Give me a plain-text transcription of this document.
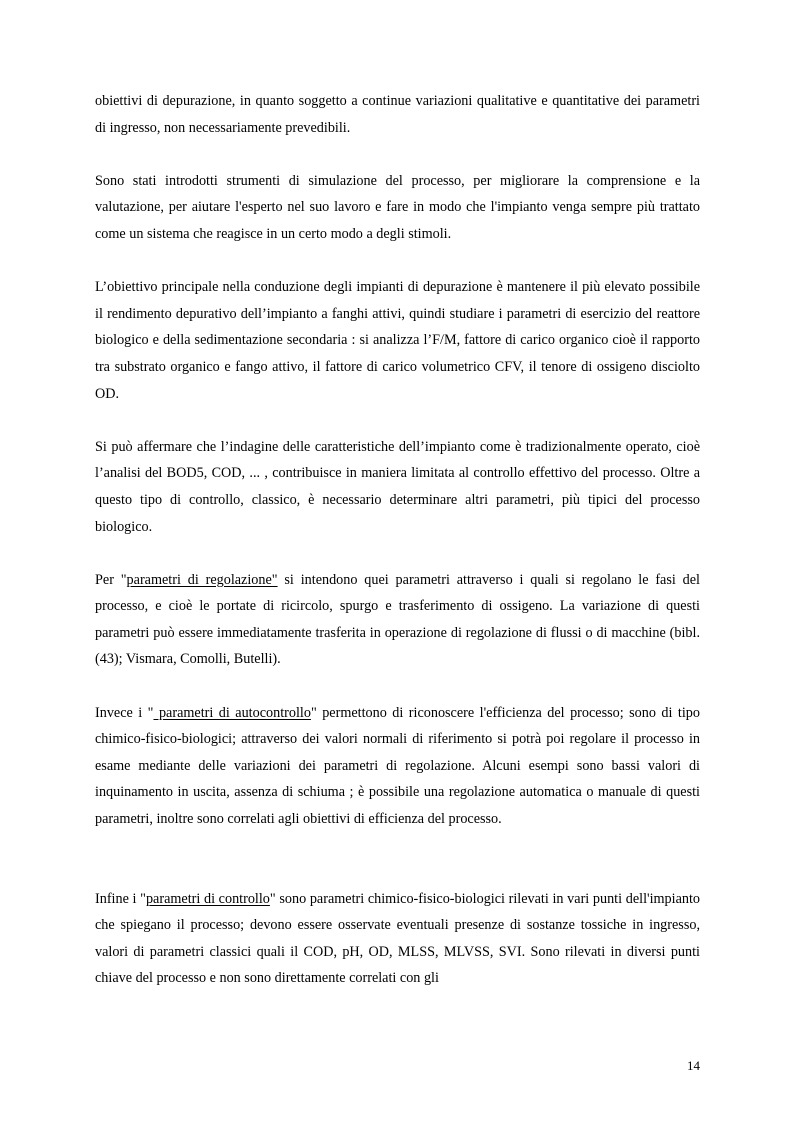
obiettivi di depurazione, in quanto soggetto a continue variazioni qualitative e quantitative dei parametri di ingresso, non necessariamente prevedibili.

Sono stati introdotti strumenti di simulazione del processo, per migliorare la comprensione e la valutazione, per aiutare l'esperto nel suo lavoro e fare in modo che l'impianto venga sempre più trattato come un sistema che reagisce in un certo modo a degli stimoli.

L’obiettivo principale nella conduzione degli impianti di depurazione è mantenere il più elevato possibile il rendimento depurativo dell’impianto a fanghi attivi, quindi studiare i parametri di esercizio del reattore biologico e della sedimentazione secondaria : si analizza l’F/M, fattore di carico organico cioè il rapporto tra substrato organico e fango attivo, il fattore di carico volumetrico CFV, il tenore di ossigeno disciolto OD.

Si può affermare che l’indagine delle caratteristiche dell’impianto come è tradizionalmente operato, cioè l’analisi del BOD5, COD, ... , contribuisce in maniera limitata al controllo effettivo del processo. Oltre a questo tipo di controllo, classico, è necessario determinare altri parametri, più tipici del processo biologico.

Per "parametri di regolazione" si intendono quei parametri attraverso i quali si regolano le fasi del processo, e cioè le portate di ricircolo, spurgo e trasferimento di ossigeno. La variazione di questi parametri può essere immediatamente trasferita in operazione di regolazione di flussi o di macchine (bibl. (43); Vismara, Comolli, Butelli).

Invece i " parametri di autocontrollo" permettono di riconoscere l'efficienza del processo; sono di tipo chimico-fisico-biologici; attraverso dei valori normali di riferimento si potrà poi regolare il processo in esame mediante delle variazioni dei parametri di regolazione. Alcuni esempi sono bassi valori di inquinamento in uscita, assenza di schiuma ; è possibile una regolazione automatica o manuale di questi parametri, inoltre sono correlati agli obiettivi di efficienza del processo.

Infine i "parametri di controllo" sono parametri chimico-fisico-biologici rilevati in vari punti dell'impianto che spiegano il processo; devono essere osservate eventuali presenze di sostanze tossiche in ingresso, valori di parametri classici quali il COD, pH, OD, MLSS, MLVSS, SVI. Sono rilevati in diversi punti chiave del processo e non sono direttamente correlati con gli

14
